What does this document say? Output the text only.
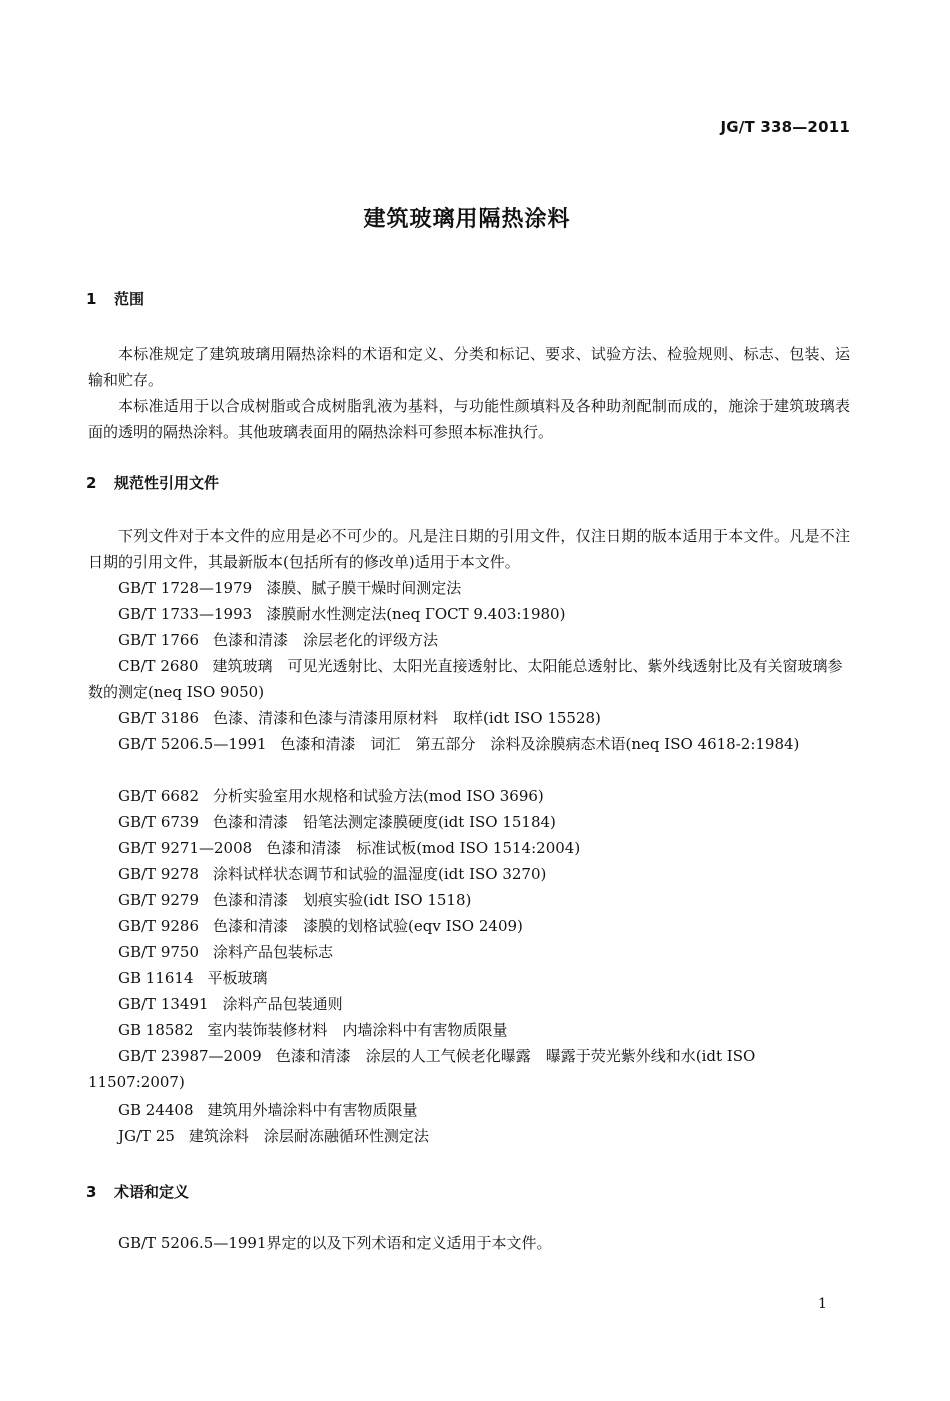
JG/T 338—2011
建筑玻璃用隔热涂料
1 范围

本标准规定了建筑玻璃用隔热涂料的术语和定义、分类和标记、要求、试验方法、检验规则、标志、包装、运输和贮存。

本标准适用于以合成树脂或合成树脂乳液为基料，与功能性颜填料及各种助剂配制而成的，施涂于建筑玻璃表面的透明的隔热涂料。其他玻璃表面用的隔热涂料可参照本标准执行。

2 规范性引用文件

下列文件对于本文件的应用是必不可少的。凡是注日期的引用文件，仅注日期的版本适用于本文件。凡是不注日期的引用文件，其最新版本(包括所有的修改单)适用于本文件。

GB/T 1728—1979 漆膜、腻子膜干燥时间测定法
GB/T 1733—1993 漆膜耐水性测定法(neq ГОСТ 9.403:1980)
GB/T 1766 色漆和清漆　涂层老化的评级方法
CB/T 2680 建筑玻璃　可见光透射比、太阳光直接透射比、太阳能总透射比、紫外线透射比及有关窗玻璃参数的测定(neq ISO 9050)
GB/T 3186 色漆、清漆和色漆与清漆用原材料　取样(idt ISO 15528)
GB/T 5206.5—1991 色漆和清漆　词汇　第五部分　涂料及涂膜病态术语(neq ISO 4618-2:1984)
GB/T 6682 分析实验室用水规格和试验方法(mod ISO 3696)
GB/T 6739 色漆和清漆　铅笔法测定漆膜硬度(idt ISO 15184)
GB/T 9271—2008 色漆和清漆　标准试板(mod ISO 1514:2004)
GB/T 9278 涂料试样状态调节和试验的温湿度(idt ISO 3270)
GB/T 9279 色漆和清漆　划痕实验(idt ISO 1518)
GB/T 9286 色漆和清漆　漆膜的划格试验(eqv ISO 2409)
GB/T 9750 涂料产品包装标志
GB 11614 平板玻璃
GB/T 13491 涂料产品包装通则
GB 18582 室内装饰装修材料　内墙涂料中有害物质限量
GB/T 23987—2009 色漆和清漆　涂层的人工气候老化曝露　曝露于荧光紫外线和水(idt ISO 11507:2007)
GB 24408 建筑用外墙涂料中有害物质限量
JG/T 25 建筑涂料　涂层耐冻融循环性测定法
3 术语和定义

GB/T 5206.5—1991界定的以及下列术语和定义适用于本文件。

1
